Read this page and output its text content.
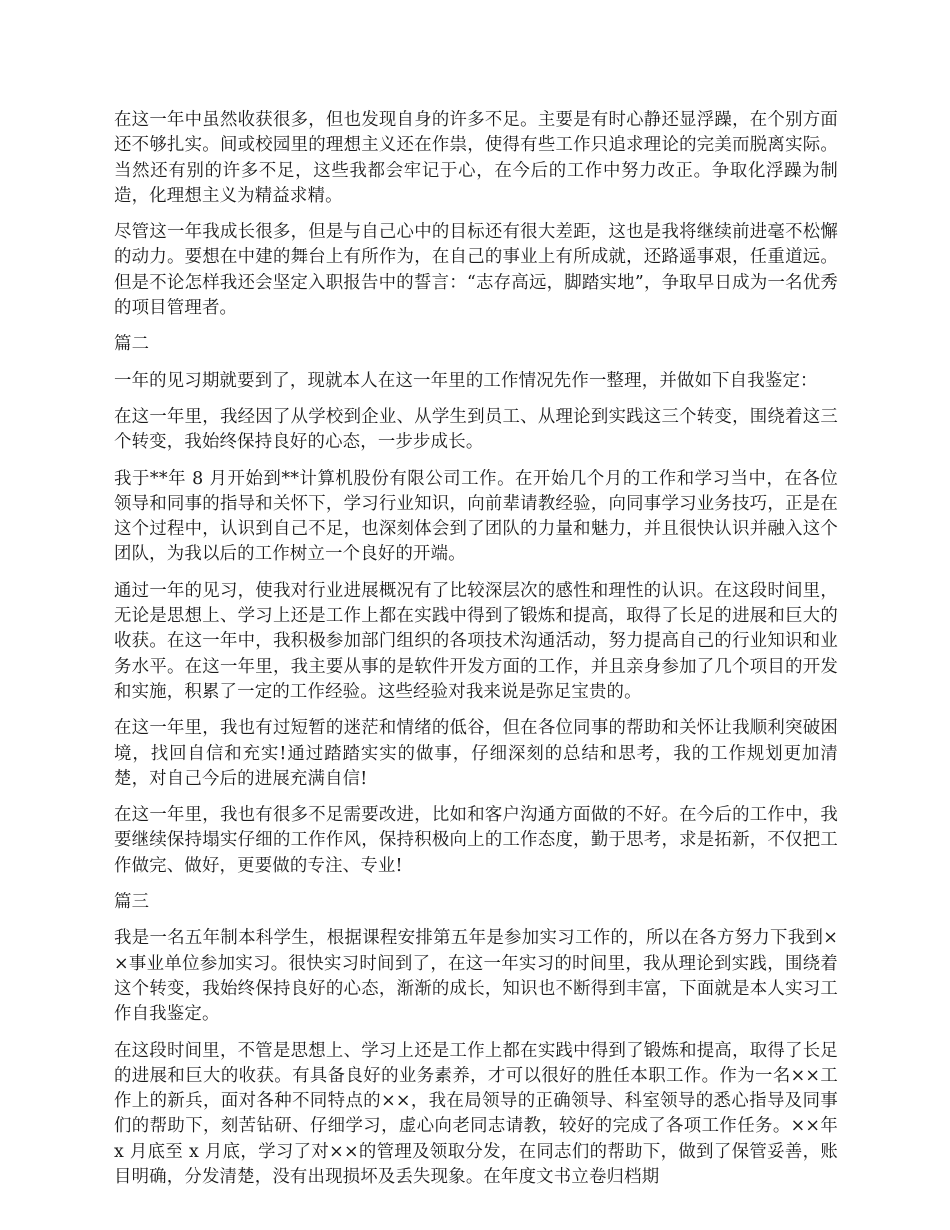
在这一年中虽然收获很多，但也发现自身的许多不足。主要是有时心静还显浮躁，在个别方面还不够扎实。间或校园里的理想主义还在作祟，使得有些工作只追求理论的完美而脱离实际。当然还有别的许多不足，这些我都会牢记于心，在今后的工作中努力改正。争取化浮躁为制造，化理想主义为精益求精。

尽管这一年我成长很多，但是与自己心中的目标还有很大差距，这也是我将继续前进毫不松懈的动力。要想在中建的舞台上有所作为，在自己的事业上有所成就，还路遥事艰，任重道远。但是不论怎样我还会坚定入职报告中的誓言：“志存高远，脚踏实地”，争取早日成为一名优秀的项目管理者。

篇二

一年的见习期就要到了，现就本人在这一年里的工作情况先作一整理，并做如下自我鉴定：

在这一年里，我经因了从学校到企业、从学生到员工、从理论到实践这三个转变，围绕着这三个转变，我始终保持良好的心态，一步步成长。

我于**年 8 月开始到**计算机股份有限公司工作。在开始几个月的工作和学习当中，在各位领导和同事的指导和关怀下，学习行业知识，向前辈请教经验，向同事学习业务技巧，正是在这个过程中，认识到自己不足，也深刻体会到了团队的力量和魅力，并且很快认识并融入这个团队，为我以后的工作树立一个良好的开端。

通过一年的见习，使我对行业进展概况有了比较深层次的感性和理性的认识。在这段时间里，无论是思想上、学习上还是工作上都在实践中得到了锻炼和提高，取得了长足的进展和巨大的收获。在这一年中，我积极参加部门组织的各项技术沟通活动，努力提高自己的行业知识和业务水平。在这一年里，我主要从事的是软件开发方面的工作，并且亲身参加了几个项目的开发和实施，积累了一定的工作经验。这些经验对我来说是弥足宝贵的。

在这一年里，我也有过短暂的迷茫和情绪的低谷，但在各位同事的帮助和关怀让我顺利突破困境，找回自信和充实!通过踏踏实实的做事，仔细深刻的总结和思考，我的工作规划更加清楚，对自己今后的进展充满自信!

在这一年里，我也有很多不足需要改进，比如和客户沟通方面做的不好。在今后的工作中，我要继续保持塌实仔细的工作作风，保持积极向上的工作态度，勤于思考，求是拓新，不仅把工作做完、做好，更要做的专注、专业!

篇三

我是一名五年制本科学生，根据课程安排第五年是参加实习工作的，所以在各方努力下我到××事业单位参加实习。很快实习时间到了，在这一年实习的时间里，我从理论到实践，围绕着这个转变，我始终保持良好的心态，渐渐的成长，知识也不断得到丰富，下面就是本人实习工作自我鉴定。

在这段时间里，不管是思想上、学习上还是工作上都在实践中得到了锻炼和提高，取得了长足的进展和巨大的收获。有具备良好的业务素养，才可以很好的胜任本职工作。作为一名××工作上的新兵，面对各种不同特点的××，我在局领导的正确领导、科室领导的悉心指导及同事们的帮助下，刻苦钻研、仔细学习，虚心向老同志请教，较好的完成了各项工作任务。××年 x 月底至 x 月底，学习了对××的管理及领取分发，在同志们的帮助下，做到了保管妥善，账目明确，分发清楚，没有出现损坏及丢失现象。在年度文书立卷归档期
